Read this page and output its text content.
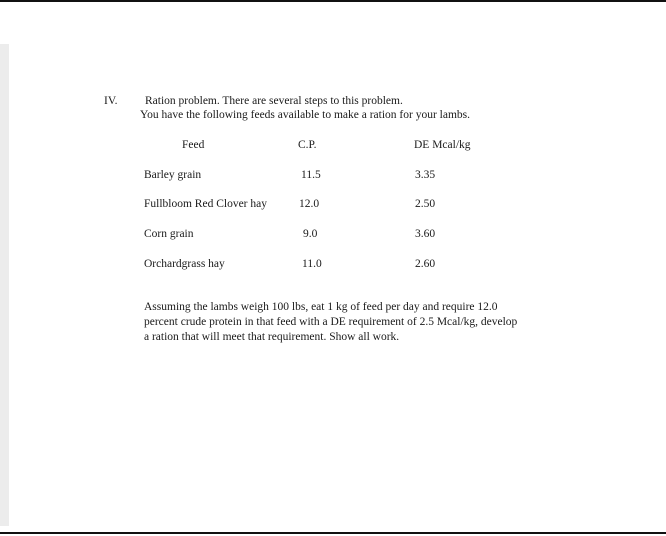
IV. Ration problem. There are several steps to this problem.
You have the following feeds available to make a ration for your lambs.
Feed	C.P.	DE Mcal/kg
Barley grain	11.5	3.35
Fullbloom Red Clover hay	12.0	2.50
Corn grain	9.0	3.60
Orchardgrass hay	11.0	2.60
Assuming the lambs weigh 100 lbs, eat 1 kg of feed per day and require 12.0
percent crude protein in that feed with a DE requirement of 2.5 Mcal/kg, develop
a ration that will meet that requirement. Show all work.
